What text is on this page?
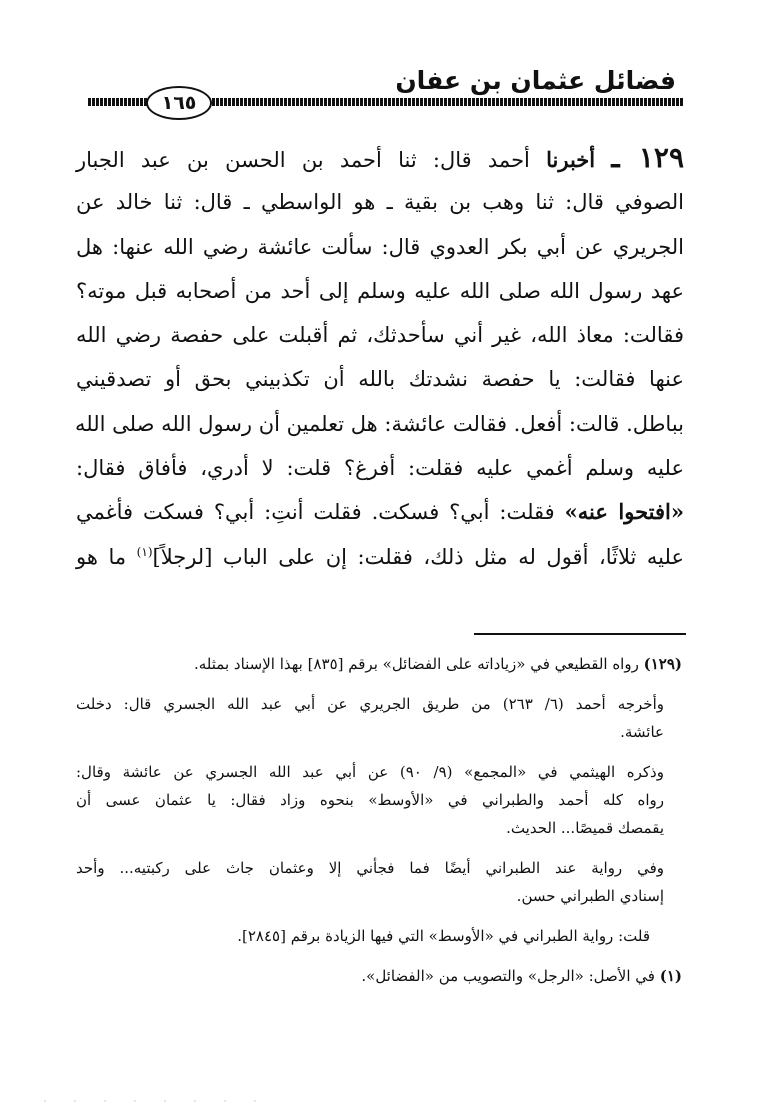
فضائل عثمان بن عفان
١٦٥
١٢٩ ـ أخبرنا أحمد قال: ثنا أحمد بن الحسن بن عبد الجبار
الصوفي قال: ثنا وهب بن بقية ـ هو الواسطي ـ قال: ثنا خالد عن
الجريري عن أبي بكر العدوي قال: سألت عائشة رضي الله عنها: هل
عهد رسول الله صلى الله عليه وسلم إلى أحد من أصحابه قبل موته؟
فقالت: معاذ الله، غير أني سأحدثك، ثم أقبلت على حفصة رضي الله
عنها فقالت: يا حفصة نشدتك بالله أن تكذبيني بحق أو تصدقيني
بباطل. قالت: أفعل. فقالت عائشة: هل تعلمين أن رسول الله صلى الله
عليه وسلم أغمي عليه فقلت: أفرغ؟ قلت: لا أدري، فأفاق فقال:
«افتحوا عنه» فقلت: أبي؟ فسكت. فقلت أنتِ: أبي؟ فسكت فأغمي
عليه ثلاثًا، أقول له مثل ذلك، فقلت: إن على الباب [لرجلاً]$^{(١)}$ ما هو
(١٢٩) رواه القطيعي في «زياداته على الفضائل» برقم [٨٣٥] بهذا الإسناد بمثله.
وأخرجه أحمد (٦/ ٢٦٣) من طريق الجريري عن أبي عبد الله الجسري قال: دخلت
عائشة.
وذكره الهيثمي في «المجمع» (٩/ ٩٠) عن أبي عبد الله الجسري عن عائشة وقال:
رواه كله أحمد والطبراني في «الأوسط» بنحوه وزاد فقال: يا عثمان عسى أن
يقمصك قميصًا... الحديث.
وفي رواية عند الطبراني أيضًا فما فجأني إلا وعثمان جاث على ركبتيه... وأحد
إسنادي الطبراني حسن.
قلت: رواية الطبراني في «الأوسط» التي فيها الزيادة برقم [٢٨٤٥].
(١) في الأصل: «الرجل» والتصويب من «الفضائل».
